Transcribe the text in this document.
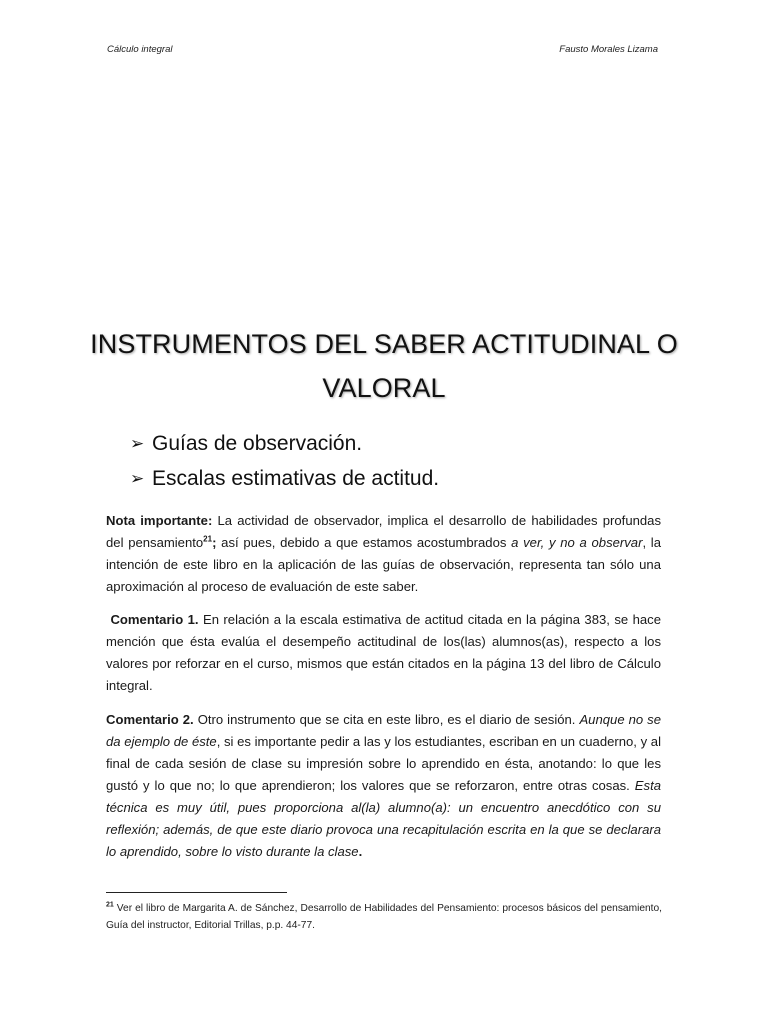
Cálculo integral	Fausto Morales Lizama
INSTRUMENTOS DEL SABER ACTITUDINAL O
VALORAL
➢ Guías de observación.
➢ Escalas estimativas de actitud.

Nota importante: La actividad de observador, implica el desarrollo de habilidades profundas del pensamiento$^{21}$; así pues, debido a que estamos acostumbrados a ver, y no a observar, la intención de este libro en la aplicación de las guías de observación, representa tan sólo una aproximación al proceso de evaluación de este saber.

Comentario 1. En relación a la escala estimativa de actitud citada en la página 383, se hace mención que ésta evalúa el desempeño actitudinal de los(las) alumnos(as), respecto a los valores por reforzar en el curso, mismos que están citados en la página 13 del libro de Cálculo integral.

Comentario 2. Otro instrumento que se cita en este libro, es el diario de sesión. Aunque no se da ejemplo de éste, si es importante pedir a las y los estudiantes, escriban en un cuaderno, y al final de cada sesión de clase su impresión sobre lo aprendido en ésta, anotando: lo que les gustó y lo que no; lo que aprendieron; los valores que se reforzaron, entre otras cosas. Esta técnica es muy útil, pues proporciona al(la) alumno(a): un encuentro anecdótico con su reflexión; además, de que este diario provoca una recapitulación escrita en la que se declarara lo aprendido, sobre lo visto durante la clase.

$^{21}$ Ver el libro de Margarita A. de Sánchez, Desarrollo de Habilidades del Pensamiento: procesos básicos del pensamiento, Guía del instructor, Editorial Trillas, p.p. 44-77.
